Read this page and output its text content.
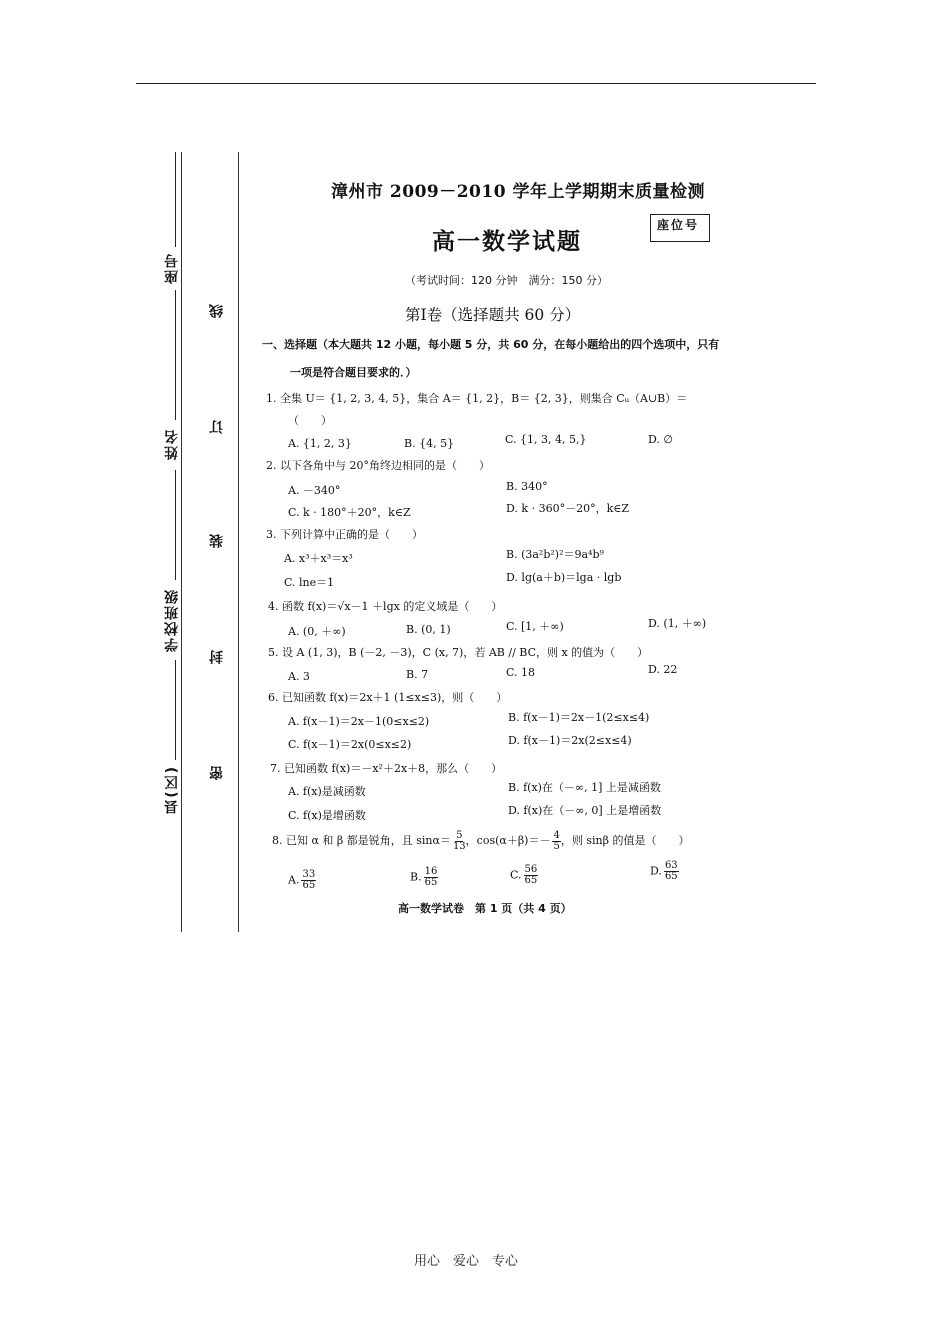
座号
姓名
班级
学校
县(区)
线
订
装
封
密
漳州市 2009－2010 学年上学期期末质量检测
高一数学试题
座位号
（考试时间：120 分钟　满分：150 分）
第Ⅰ卷（选择题共 60 分）
一、选择题（本大题共 12 小题，每小题 5 分，共 60 分，在每小题给出的四个选项中，只有
一项是符合题目要求的．）
1. 全集 U＝ {1, 2, 3, 4, 5}，集合 A＝ {1, 2}，B＝ {2, 3}，则集合 Cᵤ（A∪B）＝
（　　）
A. {1, 2, 3}	B. {4, 5}	C. {1, 3, 4, 5,}	D. ∅
2. 以下各角中与 20°角终边相同的是（　　）
A. －340°	B. 340°
C. k · 180°＋20°，k∈Z	D. k · 360°－20°，k∈Z
3. 下列计算中正确的是（　　）
A. x³＋x³＝x³	B. (3a²b²)²＝9a⁴b⁹
C. lne＝1	D. lg(a＋b)＝lga · lgb
4. 函数 f(x)＝√x－1 ＋lgx 的定义域是（　　）
A. (0, ＋∞)	B. (0, 1)	C. [1, ＋∞)	D. (1, ＋∞)
5. 设 A (1, 3)，B (－2, －3)，C (x, 7)，若 AB // BC，则 x 的值为（　　）
A. 3	B. 7	C. 18	D. 22
6. 已知函数 f(x)＝2x＋1 (1≤x≤3)，则（　　）
A. f(x－1)＝2x－1(0≤x≤2)	B. f(x－1)＝2x－1(2≤x≤4)
C. f(x－1)＝2x(0≤x≤2)	D. f(x－1)＝2x(2≤x≤4)
7. 已知函数 f(x)＝－x²＋2x＋8，那么（　　）
A. f(x)是减函数	B. f(x)在（－∞, 1] 上是减函数
C. f(x)是增函数	D. f(x)在（－∞, 0] 上是增函数
8. 已知 α 和 β 都是锐角，且 $\sin\alpha= \frac{5}{13}$ ，$\cos(\alpha+\beta)=- \frac{4}{5}$ ，则 sinβ 的值是（　　）
A. $\frac{33}{65}$	B. $\frac{16}{65}$	C. $\frac{56}{65}$	D. $\frac{63}{65}$
高一数学试卷　第 1 页（共 4 页）
用心　爱心　专心
